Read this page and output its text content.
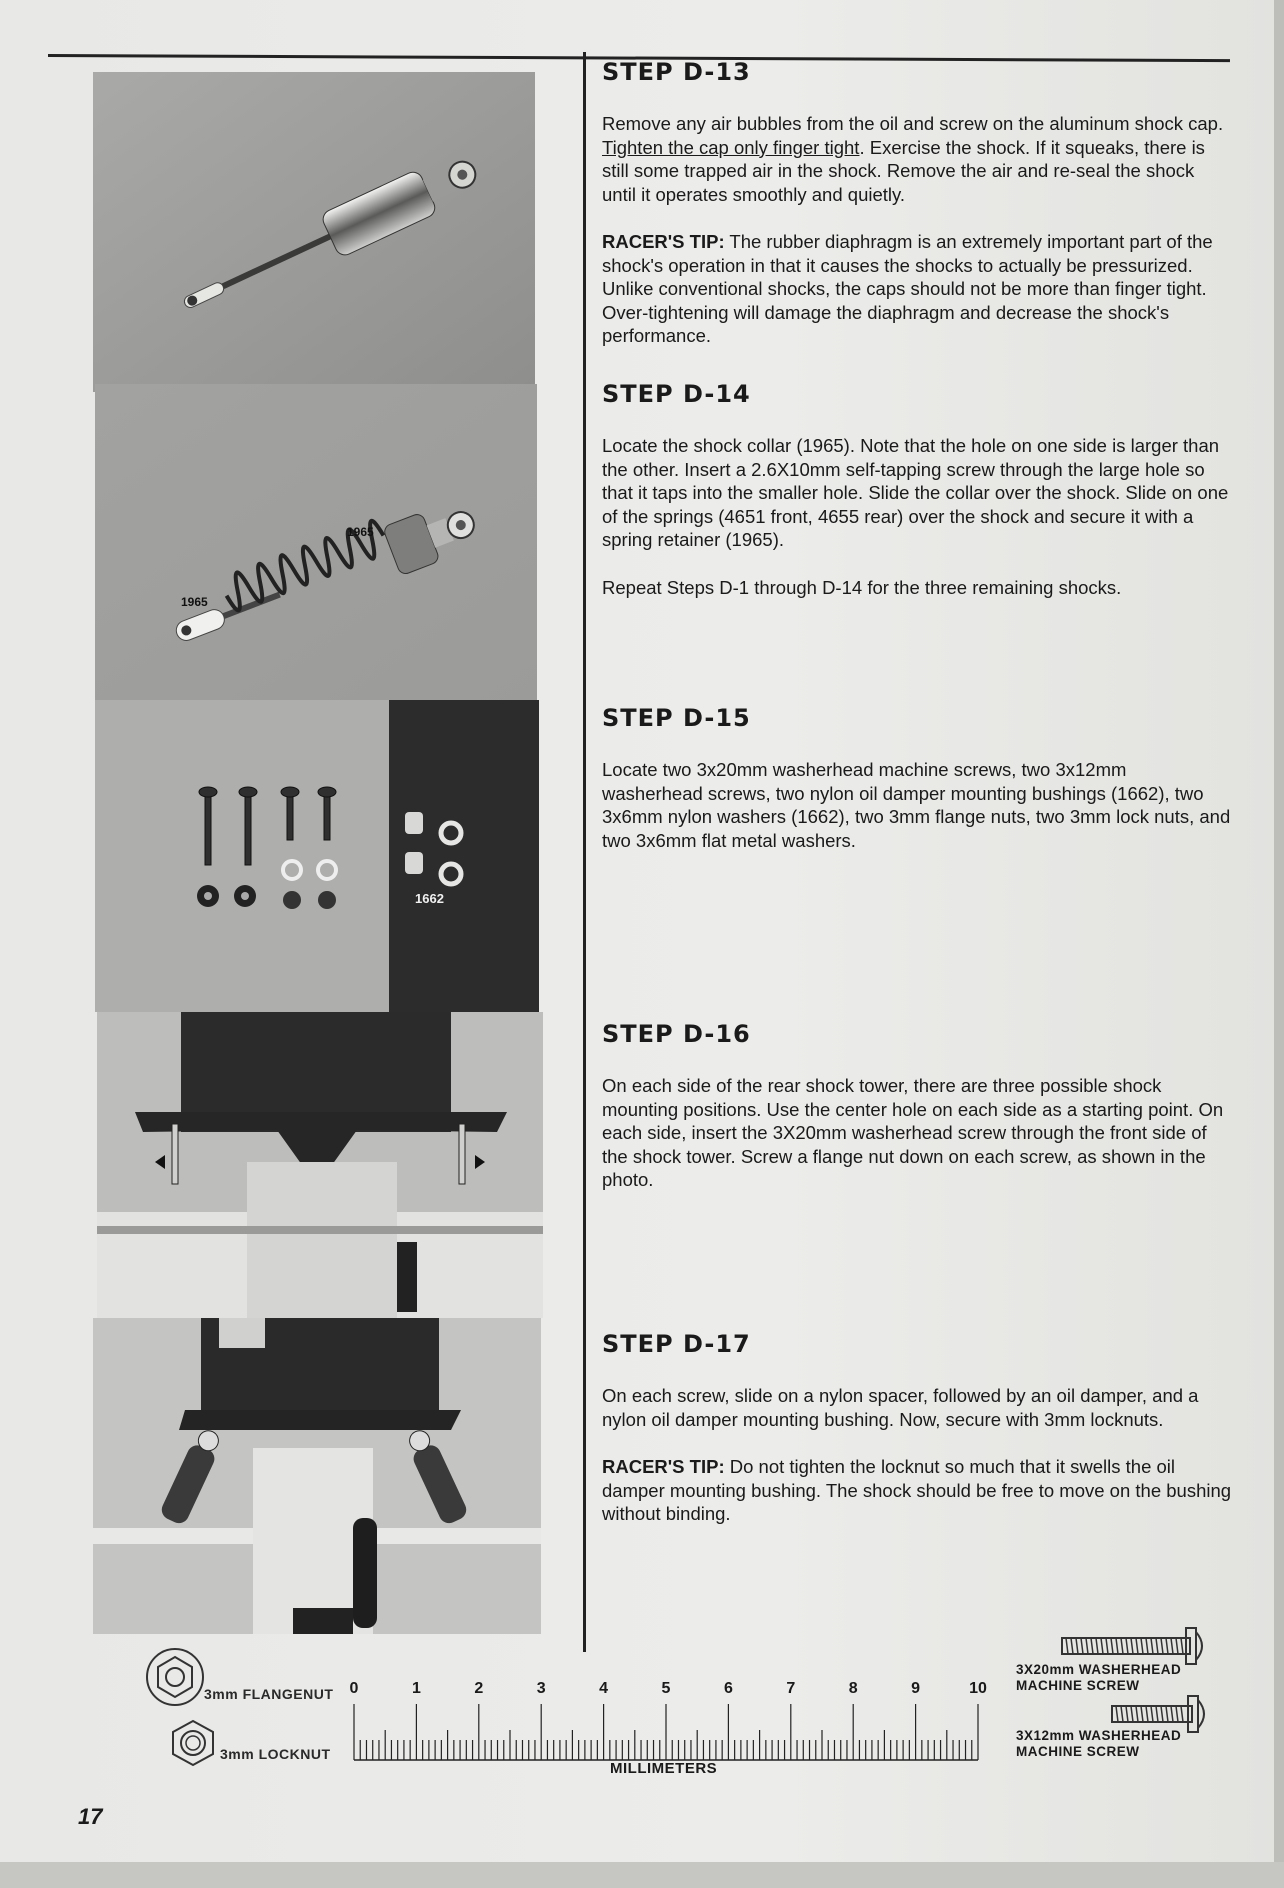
1965
1965
1662
STEP D-13

Remove any air bubbles from the oil and screw on the aluminum shock cap. Tighten the cap only finger tight. Exercise the shock. If it squeaks, there is still some trapped air in the shock. Remove the air and re-seal the shock until it operates smoothly and quietly.

RACER'S TIP: The rubber diaphragm is an extremely important part of the shock's operation in that it causes the shocks to actually be pressurized. Unlike conventional shocks, the caps should not be more than finger tight. Over-tightening will damage the diaphragm and decrease the shock's performance.

STEP D-14

Locate the shock collar (1965). Note that the hole on one side is larger than the other. Insert a 2.6X10mm self-tapping screw through the large hole so that it taps into the smaller hole. Slide the collar over the shock. Slide on one of the springs (4651 front, 4655 rear) over the shock and secure it with a spring retainer (1965).

Repeat Steps D-1 through D-14 for the three remaining shocks.

STEP D-15

Locate two 3x20mm washerhead machine screws, two 3x12mm washerhead screws, two nylon oil damper mounting bushings (1662), two 3x6mm nylon washers (1662), two 3mm flange nuts, two 3mm lock nuts, and two 3x6mm flat metal washers.

STEP D-16

On each side of the rear shock tower, there are three possible shock mounting positions. Use the center hole on each side as a starting point. On each side, insert the 3X20mm washerhead screw through the front side of the shock tower. Screw a flange nut down on each screw, as shown in the photo.

STEP D-17

On each screw, slide on a nylon spacer, followed by an oil damper, and a nylon oil damper mounting bushing. Now, secure with 3mm locknuts.

RACER'S TIP: Do not tighten the locknut so much that it swells the oil damper mounting bushing. The shock should be free to move on the bushing without binding.

3mm FLANGENUT
3mm LOCKNUT
0	1	2	3	4	5	6	7	8	9	10
MILLIMETERS
3X20mm WASHERHEAD
MACHINE SCREW
3X12mm WASHERHEAD
MACHINE SCREW
17
